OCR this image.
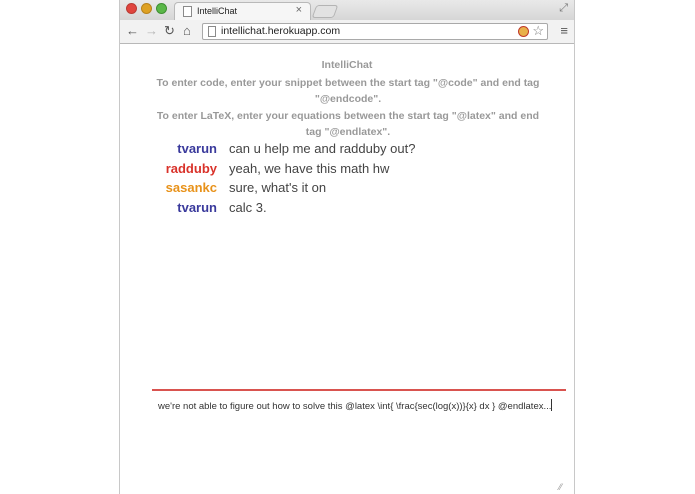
IntelliChat	×	⤢
← → ↻ ⌂	intellichat.herokuapp.com	☆ ≡
IntelliChat
To enter code, enter your snippet between the start tag "@code" and end tag "@endcode".
To enter LaTeX, enter your equations between the start tag "@latex" and end tag "@endlatex".
tvarun can u help me and radduby out?
radduby yeah, we have this math hw
sasankc sure, what's it on
tvarun calc 3.
we're not able to figure out how to solve this @latex \int{ \frac{sec(log(x))}{x} dx } @endlatex...
⁄⁄
